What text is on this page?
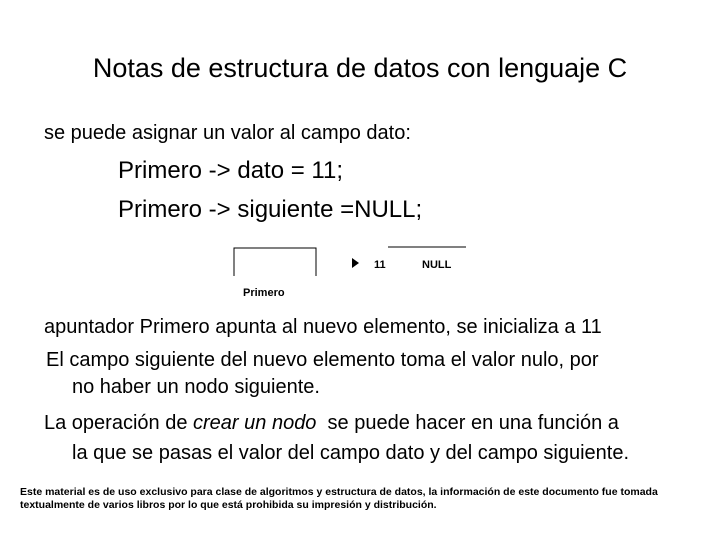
Notas de estructura de datos con lenguaje C
se puede asignar un valor al campo dato:
Primero -> dato = 11;
Primero -> siguiente =NULL;
Primero
11	NULL
apuntador Primero apunta al nuevo elemento, se inicializa a 11
El campo siguiente del nuevo elemento toma el valor nulo, por
no haber un nodo siguiente.
La operación de crear un nodo  se puede hacer en una función a
la que se pasas el valor del campo dato y del campo siguiente.
Este material es de uso exclusivo para clase de algoritmos y estructura de datos, la información de este documento fue tomada textualmente de varios libros por lo que está prohibida su impresión y distribución.
